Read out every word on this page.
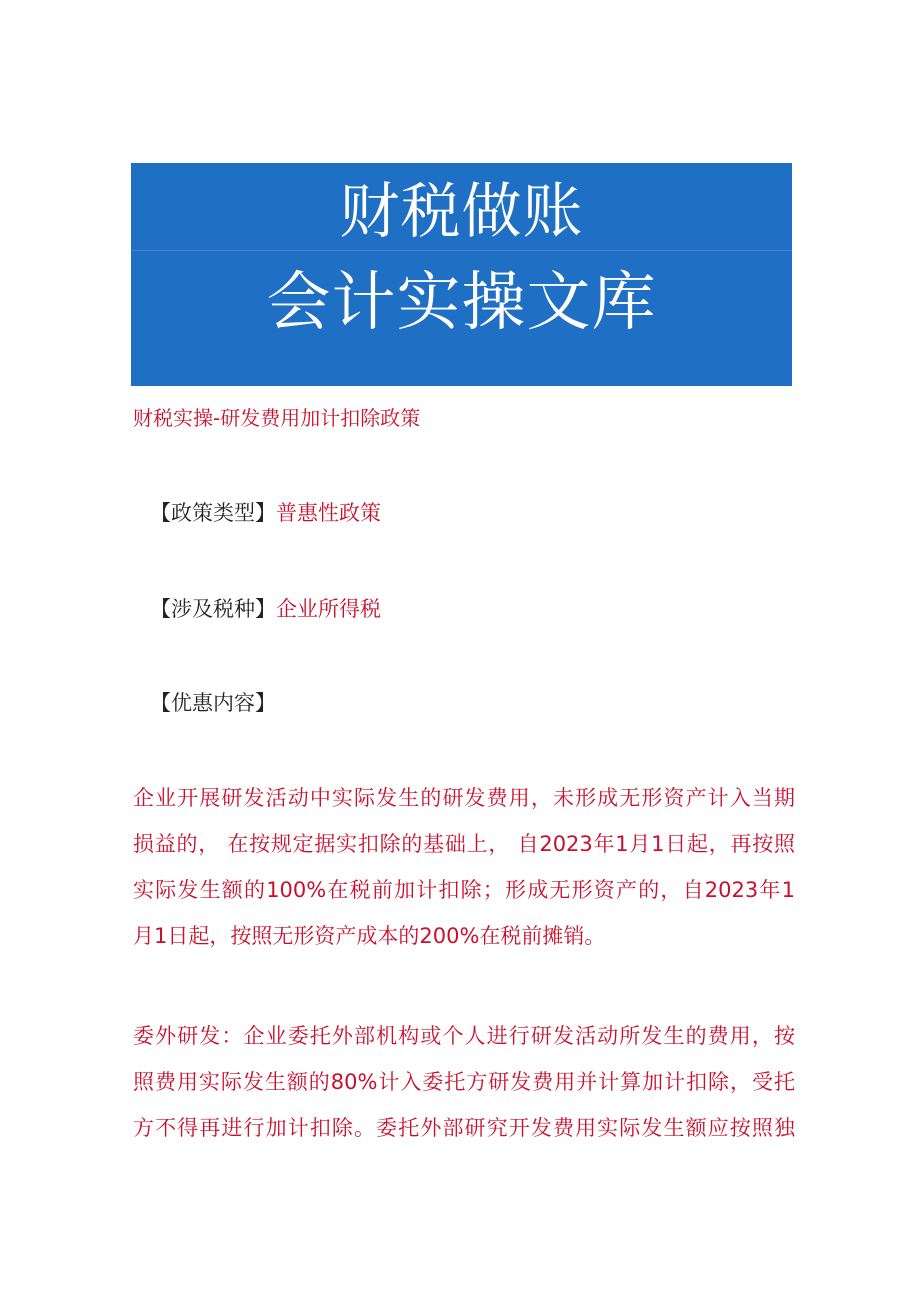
财税做账
会计实操文库
财税实操-研发费用加计扣除政策
【政策类型】普惠性政策
【涉及税种】企业所得税
【优惠内容】
企业开展研发活动中实际发生的研发费用，未形成无形资产计入当期
损益的， 在按规定据实扣除的基础上， 自2023年1月1日起，再按照
实际发生额的100%在税前加计扣除；形成无形资产的，自2023年1
月1日起，按照无形资产成本的200%在税前摊销。
委外研发：企业委托外部机构或个人进行研发活动所发生的费用，按
照费用实际发生额的80%计入委托方研发费用并计算加计扣除，受托
方不得再进行加计扣除。委托外部研究开发费用实际发生额应按照独
